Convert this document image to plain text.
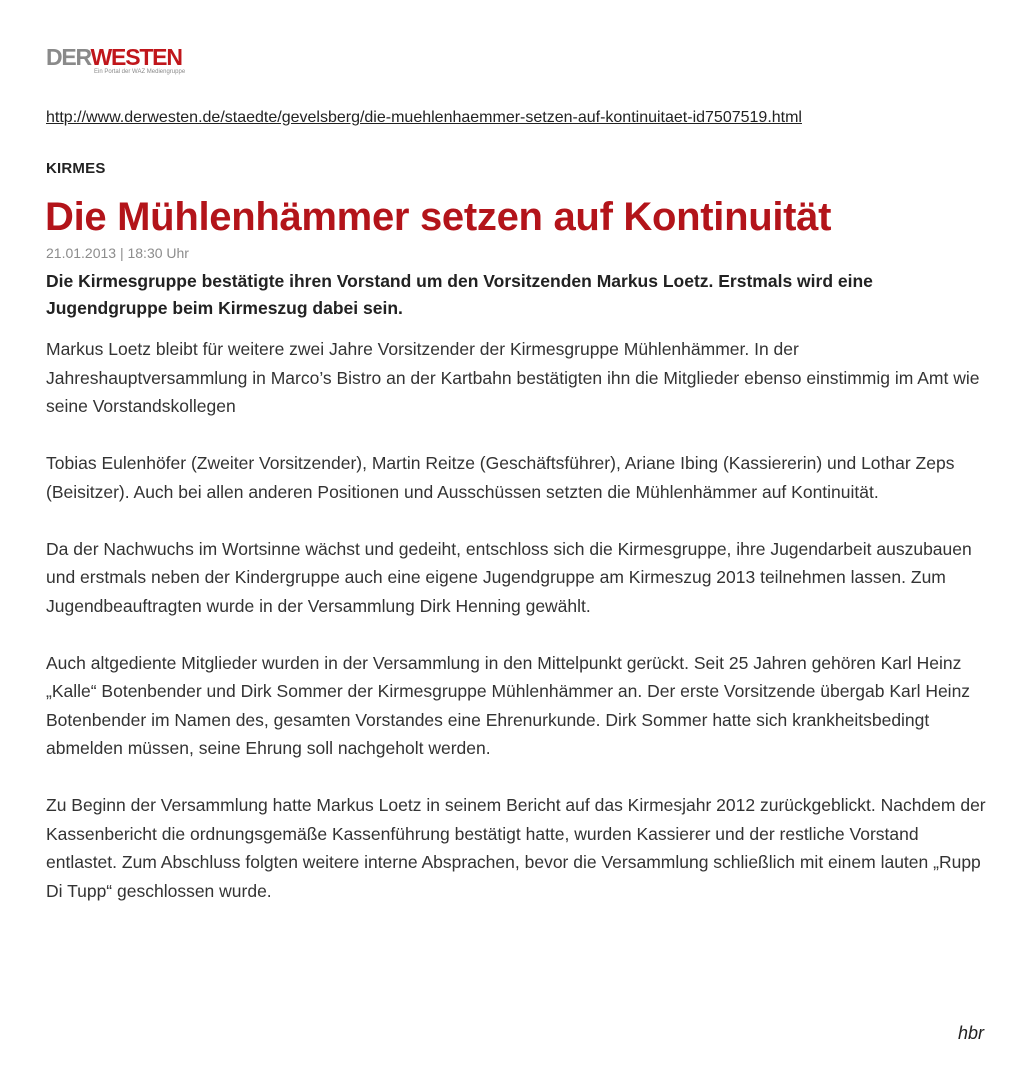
DERWESTEN
Ein Portal der WAZ Mediengruppe
http://www.derwesten.de/staedte/gevelsberg/die-muehlenhaemmer-setzen-auf-kontinuitaet-id7507519.html
KIRMES
Die Mühlenhämmer setzen auf Kontinuität
21.01.2013 | 18:30 Uhr

Die Kirmesgruppe bestätigte ihren Vorstand um den Vorsitzenden Markus Loetz. Erstmals wird eine Jugendgruppe beim Kirmeszug dabei sein.

Markus Loetz bleibt für weitere zwei Jahre Vorsitzender der Kirmesgruppe Mühlenhämmer. In der Jahreshauptversammlung in Marco’s Bistro an der Kartbahn bestätigten ihn die Mitglieder ebenso einstimmig im Amt wie seine Vorstandskollegen

Tobias Eulenhöfer (Zweiter Vorsitzender), Martin Reitze (Geschäftsführer), Ariane Ibing (Kassiererin) und Lothar Zeps (Beisitzer). Auch bei allen anderen Positionen und Ausschüssen setzten die Mühlenhämmer auf Kontinuität.

Da der Nachwuchs im Wortsinne wächst und gedeiht, entschloss sich die Kirmesgruppe, ihre Jugendarbeit auszubauen und erstmals neben der Kindergruppe auch eine eigene Jugendgruppe am Kirmeszug 2013 teilnehmen lassen. Zum Jugendbeauftragten wurde in der Versammlung Dirk Henning gewählt.

Auch altgediente Mitglieder wurden in der Versammlung in den Mittelpunkt gerückt. Seit 25 Jahren gehören Karl Heinz „Kalle“ Botenbender und Dirk Sommer der Kirmesgruppe Mühlenhämmer an. Der erste Vorsitzende übergab Karl Heinz Botenbender im Namen des, gesamten Vorstandes eine Ehrenurkunde. Dirk Sommer hatte sich krankheitsbedingt abmelden müssen, seine Ehrung soll nachgeholt werden.

Zu Beginn der Versammlung hatte Markus Loetz in seinem Bericht auf das Kirmesjahr 2012 zurückgeblickt. Nachdem der Kassenbericht die ordnungsgemäße Kassenführung bestätigt hatte, wurden Kassierer und der restliche Vorstand entlastet. Zum Abschluss folgten weitere interne Absprachen, bevor die Versammlung schließlich mit einem lauten „Rupp Di Tupp“ geschlossen wurde.

hbr
